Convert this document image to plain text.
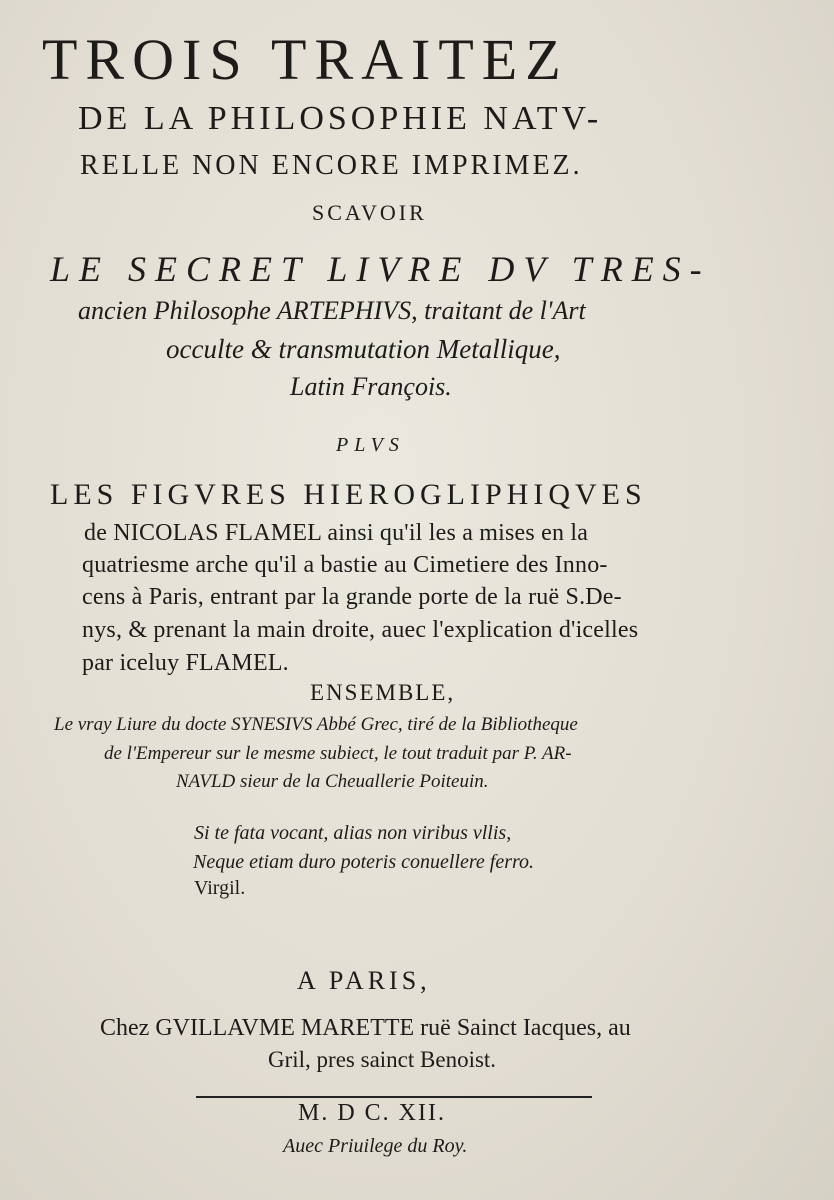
TROIS TRAITEZ
DE LA PHILOSOPHIE NATV-
RELLE NON ENCORE IMPRIMEZ.
SCAVOIR
LE SECRET LIVRE DV TRES-
ancien Philosophe ARTEPHIVS, traitant de l'Art
occulte & transmutation Metallique,
Latin François.
PLVS
LES FIGVRES HIEROGLIPHIQVES
de NICOLAS FLAMEL ainsi qu'il les a mises en la
quatriesme arche qu'il a bastie au Cimetiere des Inno-
cens à Paris, entrant par la grande porte de la ruë S.De-
nys, & prenant la main droite, auec l'explication d'icelles
par iceluy FLAMEL.
ENSEMBLE,
Le vray Liure du docte SYNESIVS Abbé Grec, tiré de la Bibliotheque
de l'Empereur sur le mesme subiect, le tout traduit par P. AR-
NAVLD sieur de la Cheuallerie Poiteuin.
Si te fata vocant, alias non viribus vllis,
Neque etiam duro poteris conuellere ferro.
Virgil.
A PARIS,
Chez GVILLAVME MARETTE ruë Sainct Iacques, au
Gril, pres sainct Benoist.
M. D C. XII.
Auec Priuilege du Roy.
